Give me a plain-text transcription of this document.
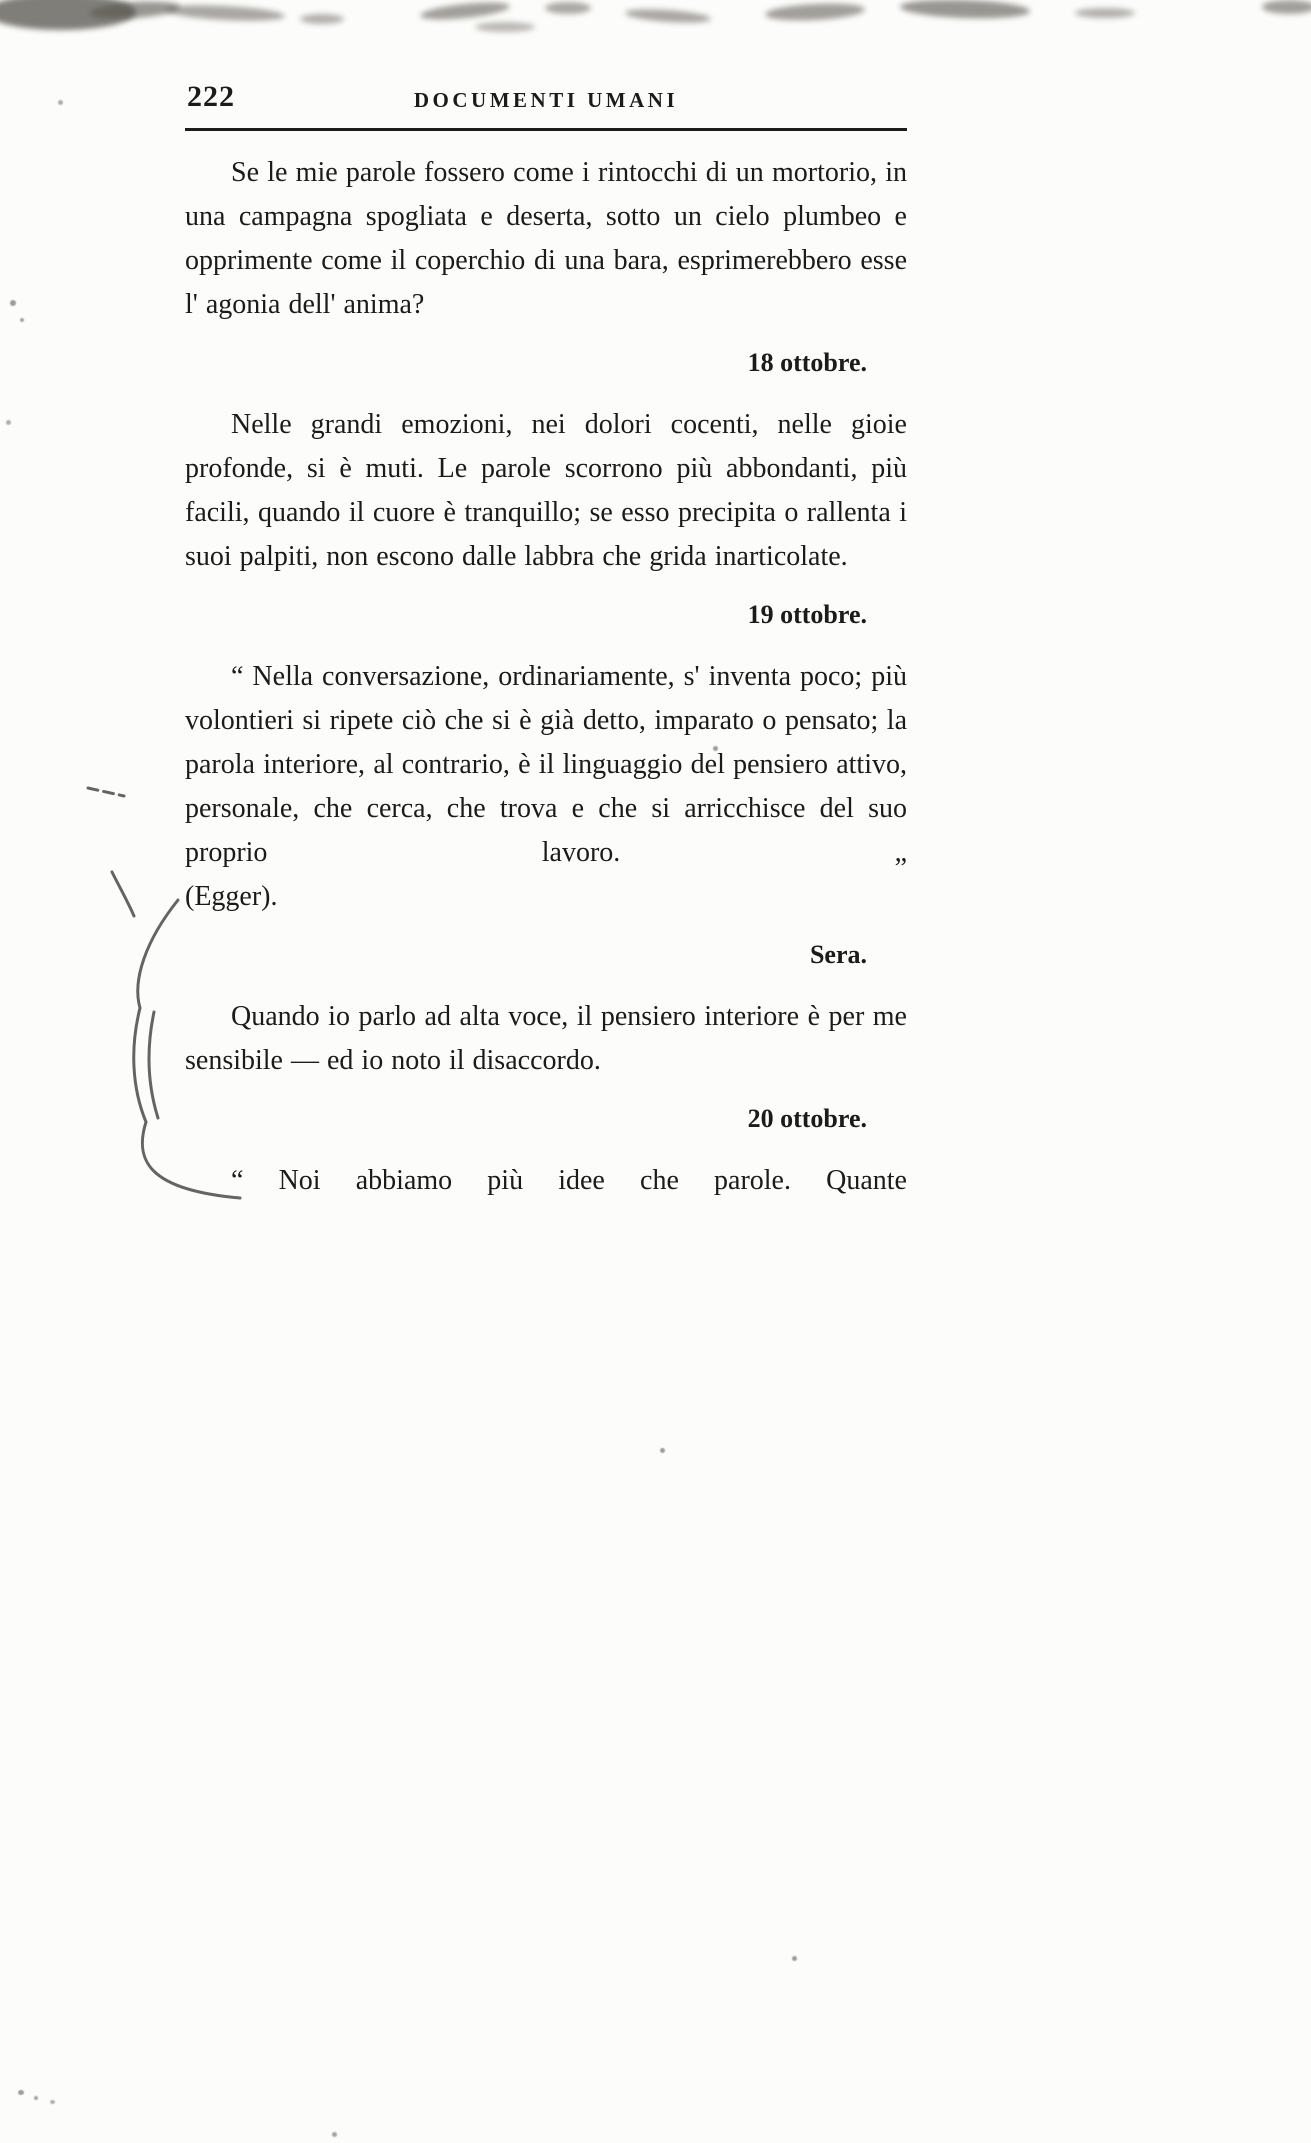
222	DOCUMENTI UMANI

Se le mie parole fossero come i rintocchi di un mortorio, in una campagna spogliata e deserta, sotto un cielo plumbeo e opprimente come il coperchio di una bara, esprimerebbero esse l' agonia dell' anima?

18 ottobre.

Nelle grandi emozioni, nei dolori cocenti, nelle gioie profonde, si è muti. Le parole scorrono più abbondanti, più facili, quando il cuore è tranquillo; se esso precipita o rallenta i suoi palpiti, non escono dalle labbra che grida inarticolate.

19 ottobre.

“ Nella conversazione, ordinariamente, s' inventa poco; più volontieri si ripete ciò che si è già detto, imparato o pensato; la parola interiore, al contrario, è il linguaggio del pensiero attivo, personale, che cerca, che trova e che si arricchisce del suo proprio lavoro. „

(Egger).

Sera.

Quando io parlo ad alta voce, il pensiero interiore è per me sensibile — ed io noto il disaccordo.

20 ottobre.

“ Noi abbiamo più idee che parole. Quante
